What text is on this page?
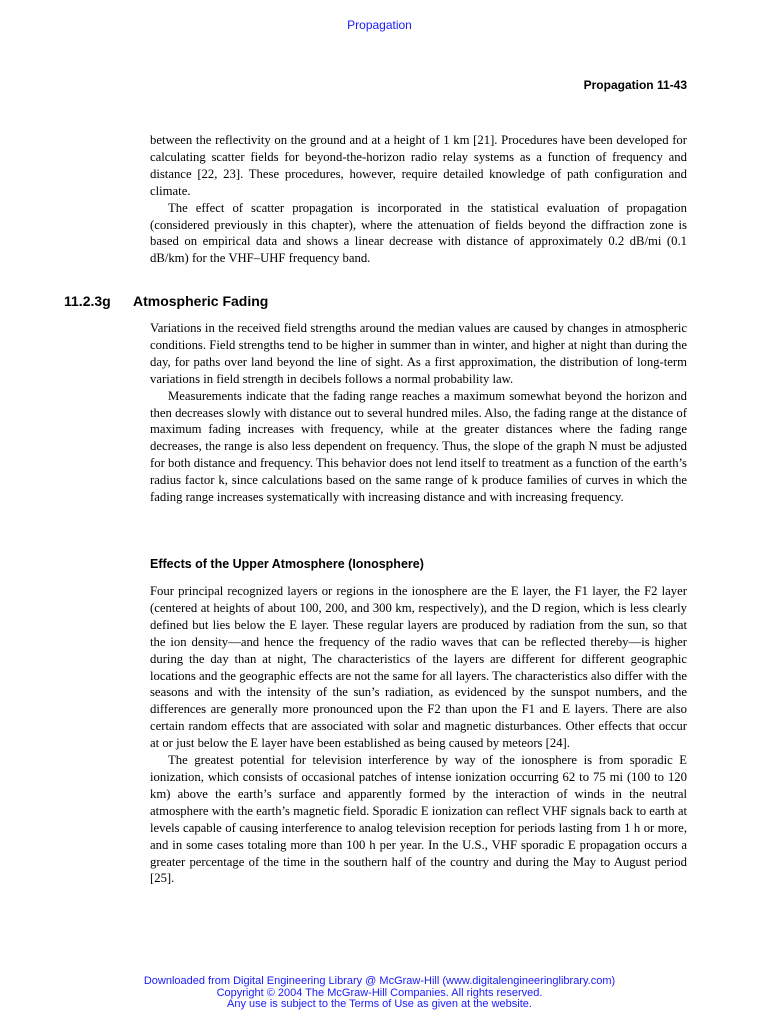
Propagation
Propagation 11-43

between the reflectivity on the ground and at a height of 1 km [21]. Procedures have been developed for calculating scatter fields for beyond-the-horizon radio relay systems as a function of frequency and distance [22, 23]. These procedures, however, require detailed knowledge of path configuration and climate.

The effect of scatter propagation is incorporated in the statistical evaluation of propagation (considered previously in this chapter), where the attenuation of fields beyond the diffraction zone is based on empirical data and shows a linear decrease with distance of approximately 0.2 dB/mi (0.1 dB/km) for the VHF–UHF frequency band.

11.2.3g Atmospheric Fading

Variations in the received field strengths around the median values are caused by changes in atmospheric conditions. Field strengths tend to be higher in summer than in winter, and higher at night than during the day, for paths over land beyond the line of sight. As a first approximation, the distribution of long-term variations in field strength in decibels follows a normal probability law.

Measurements indicate that the fading range reaches a maximum somewhat beyond the horizon and then decreases slowly with distance out to several hundred miles. Also, the fading range at the distance of maximum fading increases with frequency, while at the greater distances where the fading range decreases, the range is also less dependent on frequency. Thus, the slope of the graph N must be adjusted for both distance and frequency. This behavior does not lend itself to treatment as a function of the earth’s radius factor k, since calculations based on the same range of k produce families of curves in which the fading range increases systematically with increasing distance and with increasing frequency.

Effects of the Upper Atmosphere (Ionosphere)

Four principal recognized layers or regions in the ionosphere are the E layer, the F1 layer, the F2 layer (centered at heights of about 100, 200, and 300 km, respectively), and the D region, which is less clearly defined but lies below the E layer. These regular layers are produced by radiation from the sun, so that the ion density—and hence the frequency of the radio waves that can be reflected thereby—is higher during the day than at night, The characteristics of the layers are different for different geographic locations and the geographic effects are not the same for all layers. The characteristics also differ with the seasons and with the intensity of the sun’s radiation, as evidenced by the sunspot numbers, and the differences are generally more pronounced upon the F2 than upon the F1 and E layers. There are also certain random effects that are associated with solar and magnetic disturbances. Other effects that occur at or just below the E layer have been established as being caused by meteors [24].

The greatest potential for television interference by way of the ionosphere is from sporadic E ionization, which consists of occasional patches of intense ionization occurring 62 to 75 mi (100 to 120 km) above the earth’s surface and apparently formed by the interaction of winds in the neutral atmosphere with the earth’s magnetic field. Sporadic E ionization can reflect VHF signals back to earth at levels capable of causing interference to analog television reception for periods lasting from 1 h or more, and in some cases totaling more than 100 h per year. In the U.S., VHF sporadic E propagation occurs a greater percentage of the time in the southern half of the country and during the May to August period [25].

Downloaded from Digital Engineering Library @ McGraw-Hill (www.digitalengineeringlibrary.com)
Copyright © 2004 The McGraw-Hill Companies. All rights reserved.
Any use is subject to the Terms of Use as given at the website.
